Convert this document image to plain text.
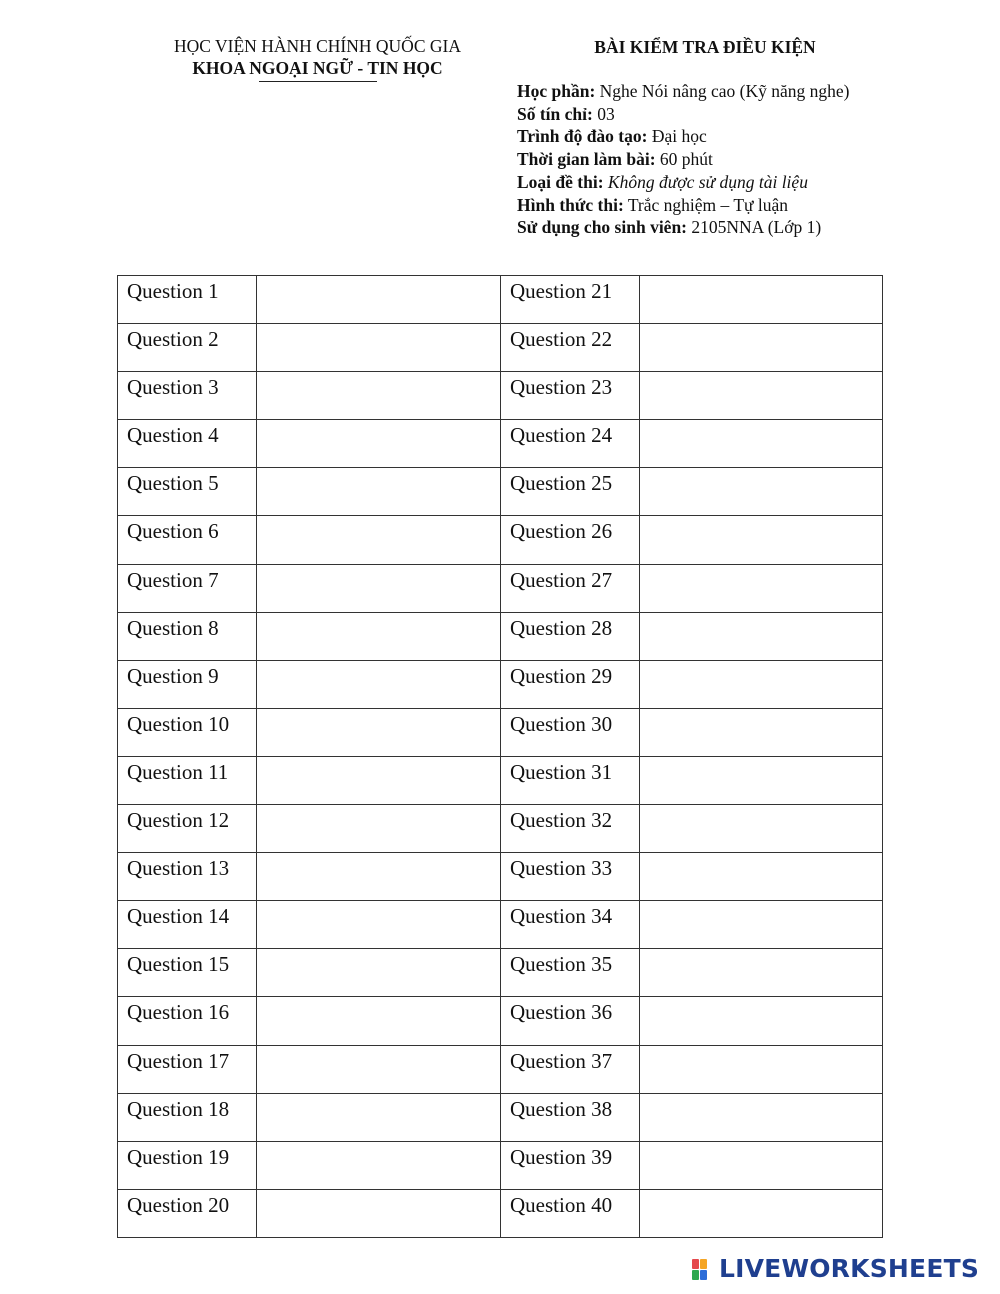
HỌC VIỆN HÀNH CHÍNH QUỐC GIA
KHOA NGOẠI NGỮ - TIN HỌC
BÀI KIỂM TRA ĐIỀU KIỆN
Học phần: Nghe Nói nâng cao (Kỹ năng nghe)
Số tín chỉ: 03
Trình độ đào tạo: Đại học
Thời gian làm bài: 60 phút
Loại đề thi: Không được sử dụng tài liệu
Hình thức thi: Trắc nghiệm – Tự luận
Sử dụng cho sinh viên: 2105NNA (Lớp 1)
Question 1		Question 21	
Question 2		Question 22	
Question 3		Question 23	
Question 4		Question 24	
Question 5		Question 25	
Question 6		Question 26	
Question 7		Question 27	
Question 8		Question 28	
Question 9		Question 29	
Question 10		Question 30	
Question 11		Question 31	
Question 12		Question 32	
Question 13		Question 33	
Question 14		Question 34	
Question 15		Question 35	
Question 16		Question 36	
Question 17		Question 37	
Question 18		Question 38	
Question 19		Question 39	
Question 20		Question 40	
LIVEWORKSHEETS
